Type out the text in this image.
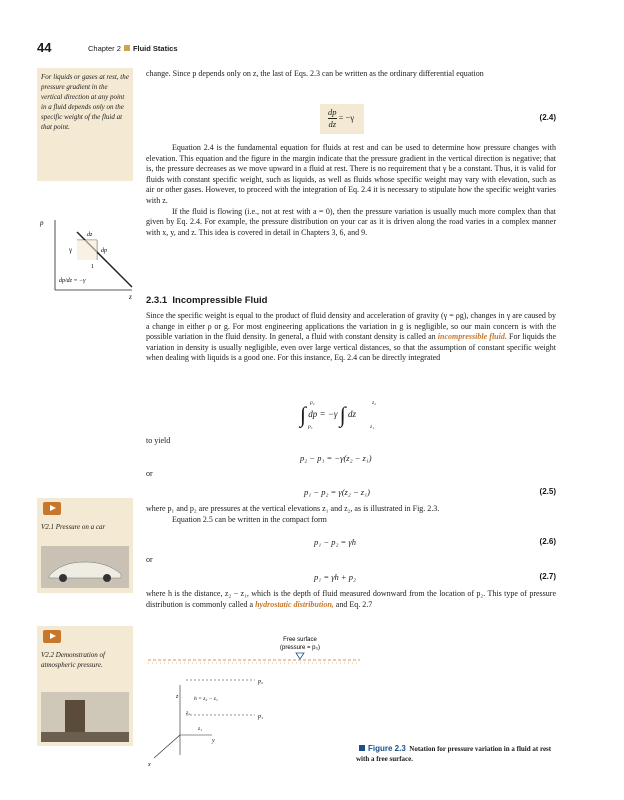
44	Chapter 2 Fluid Statics
For liquids or gases at rest, the pressure gradient in the vertical direction at any point in a fluid depends only on the specific weight of the fluid at that point.
change. Since p depends only on z, the last of Eqs. 2.3 can be written as the ordinary differential equation
$\frac{dp}{dz} = -\gamma$	(2.4)

Equation 2.4 is the fundamental equation for fluids at rest and can be used to determine how pressure changes with elevation. This equation and the figure in the margin indicate that the pressure gradient in the vertical direction is negative; that is, the pressure decreases as we move upward in a fluid at rest. There is no requirement that γ be a constant. Thus, it is valid for fluids with constant specific weight, such as liquids, as well as fluids whose specific weight may vary with elevation, such as air or other gases. However, to proceed with the integration of Eq. 2.4 it is necessary to stipulate how the specific weight varies with z.

If the fluid is flowing (i.e., not at rest with a = 0), then the pressure variation is usually much more complex than that given by Eq. 2.4. For example, the pressure distribution on your car as it is driven along the road varies in a complex manner with x, y, and z. This idea is covered in detail in Chapters 3, 6, and 9.

p
dz
γ	dp
1
dp/dz = −γ
z 2.3.1 Incompressible Fluid
Since the specific weight is equal to the product of fluid density and acceleration of gravity (γ = ρg), changes in γ are caused by a change in either ρ or g. For most engineering applications the variation in g is negligible, so our main concern is with the possible variation in the fluid density. In general, a fluid with constant density is called an incompressible fluid. For liquids the variation in density is usually negligible, even over large vertical distances, so that the assumption of constant specific weight when dealing with liquids is a good one. For this instance, Eq. 2.4 can be directly integrated
∫ p₂
p₁
dp = −γ ∫	z₂
z₁
dz
to yield
p₂ − p₁ = −γ(z₂ − z₁)
or
p₁ − p₂ = γ(z₂ − z₁)	(2.5)

where p₁ and p₂ are pressures at the vertical elevations z₁ and z₂, as is illustrated in Fig. 2.3.

Equation 2.5 can be written in the compact form

p₁ − p₂ = γh	(2.6)
or
p₁ = γh + p₂	(2.7)
where h is the distance, z₂ − z₁, which is the depth of fluid measured downward from the location of p₂. This type of pressure distribution is commonly called a hydrostatic distribution, and Eq. 2.7
V2.1 Pressure on a car
V2.2 Demonstration of atmospheric pressure.
Free surface
(pressure = p₀)
p₂
p₁
h = z₂ − z₁
z
z₂
z₁
y
x
Figure 2.3 Notation for pressure variation in a fluid at rest with a free surface.
